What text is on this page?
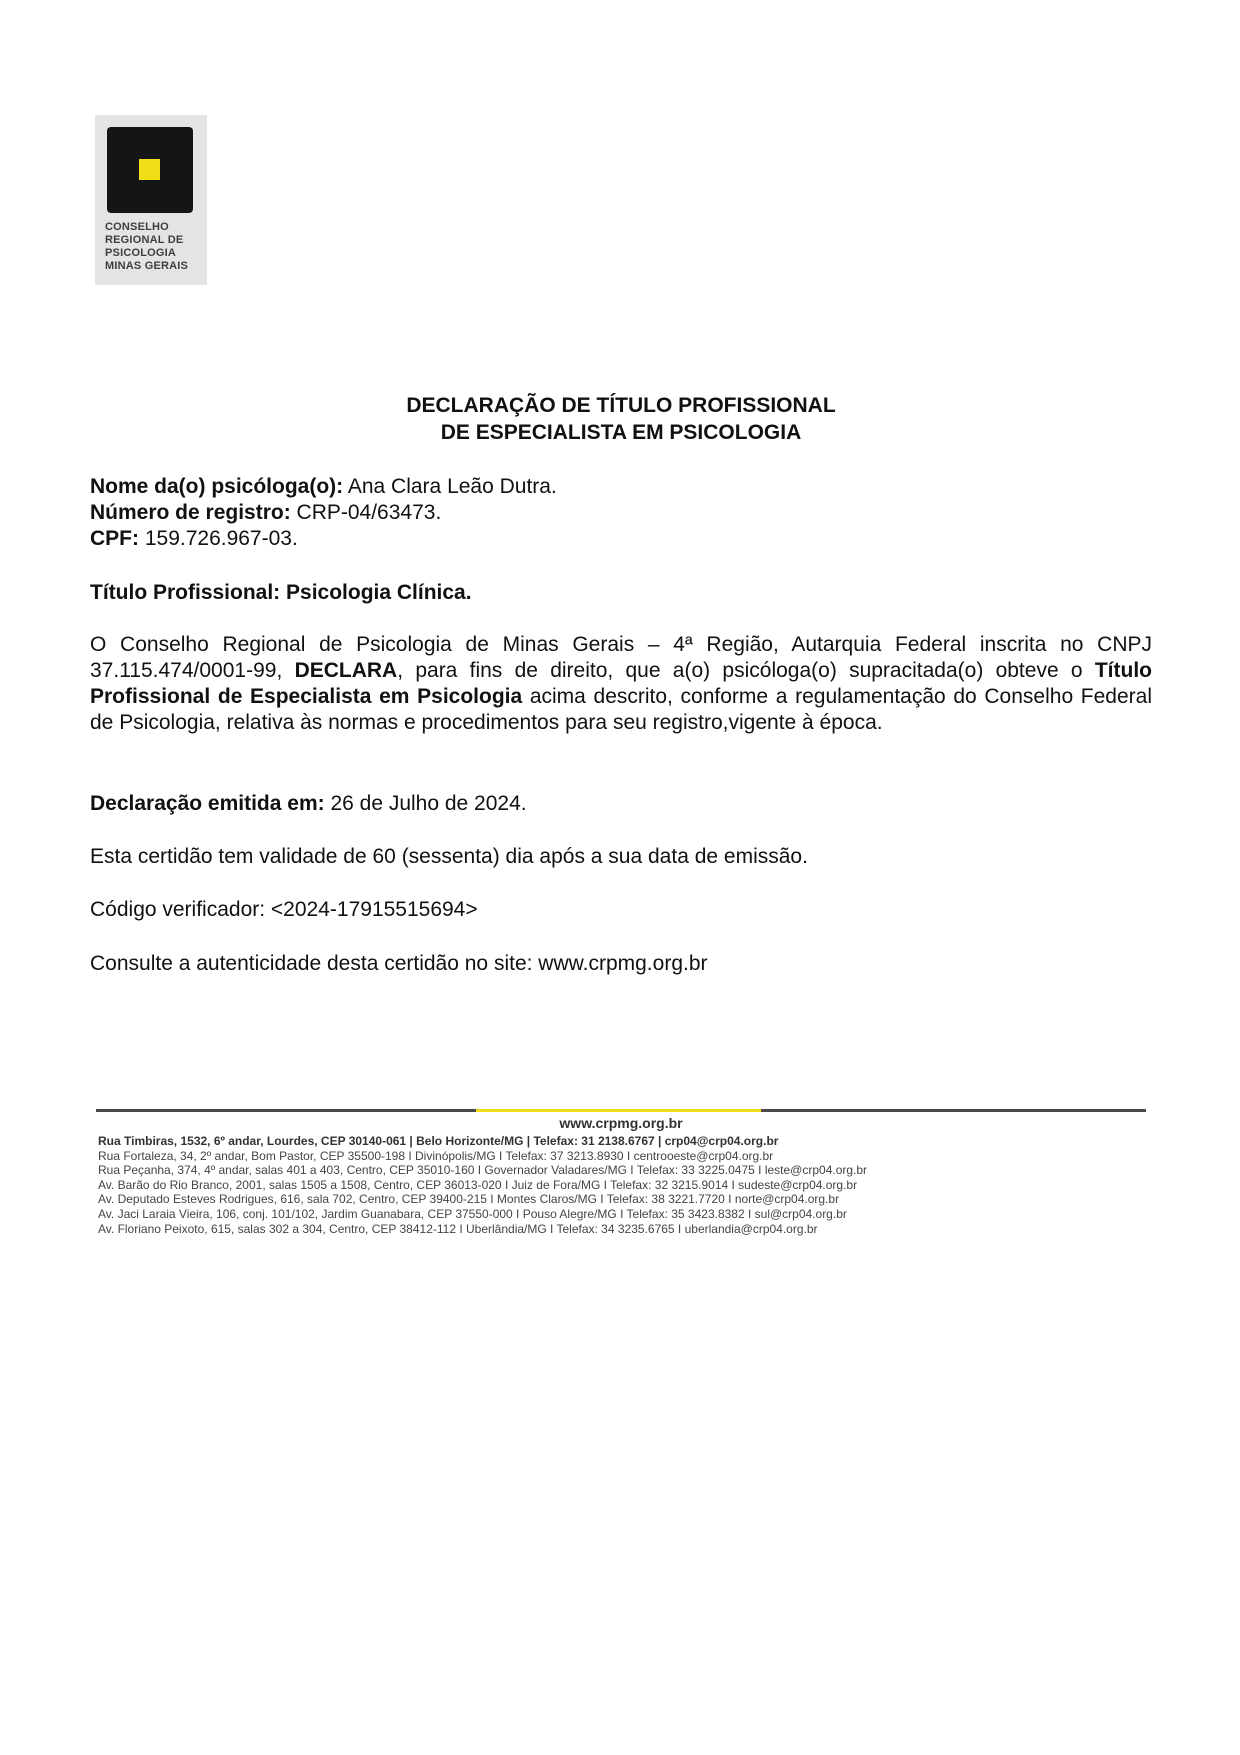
CONSELHO
REGIONAL DE
PSICOLOGIA
MINAS GERAIS
DECLARAÇÃO DE TÍTULO PROFISSIONAL
DE ESPECIALISTA EM PSICOLOGIA
Nome da(o) psicóloga(o): Ana Clara Leão Dutra.
Número de registro: CRP-04/63473.
CPF: 159.726.967-03.
Título Profissional: Psicologia Clínica.
O Conselho Regional de Psicologia de Minas Gerais – 4ª Região, Autarquia Federal inscrita no CNPJ 37.115.474/0001-99, DECLARA, para fins de direito, que a(o) psicóloga(o) supracitada(o) obteve o Título Profissional de Especialista em Psicologia acima descrito, conforme a regulamentação do Conselho Federal de Psicologia, relativa às normas e procedimentos para seu registro,vigente à época.
Declaração emitida em: 26 de Julho de 2024.
Esta certidão tem validade de 60 (sessenta) dia após a sua data de emissão.
Código verificador: <2024-17915515694>
Consulte a autenticidade desta certidão no site: www.crpmg.org.br
www.crpmg.org.br
Rua Timbiras, 1532, 6º andar, Lourdes, CEP 30140-061 | Belo Horizonte/MG | Telefax: 31 2138.6767 | crp04@crp04.org.br
Rua Fortaleza, 34, 2º andar, Bom Pastor, CEP 35500-198 I Divinópolis/MG I Telefax: 37 3213.8930 I centrooeste@crp04.org.br
Rua Peçanha, 374, 4º andar, salas 401 a 403, Centro, CEP 35010-160 I Governador Valadares/MG I Telefax: 33 3225.0475 I leste@crp04.org.br
Av. Barão do Rio Branco, 2001, salas 1505 a 1508, Centro, CEP 36013-020 I Juiz de Fora/MG I Telefax: 32 3215.9014 I sudeste@crp04.org.br
Av. Deputado Esteves Rodrigues, 616, sala 702, Centro, CEP 39400-215 I Montes Claros/MG I Telefax: 38 3221.7720 I norte@crp04.org.br
Av. Jaci Laraia Vieira, 106, conj. 101/102, Jardim Guanabara, CEP 37550-000 I Pouso Alegre/MG I Telefax: 35 3423.8382 I sul@crp04.org.br
Av. Floriano Peixoto, 615, salas 302 a 304, Centro, CEP 38412-112 I Uberlândia/MG I Telefax: 34 3235.6765 I uberlandia@crp04.org.br
